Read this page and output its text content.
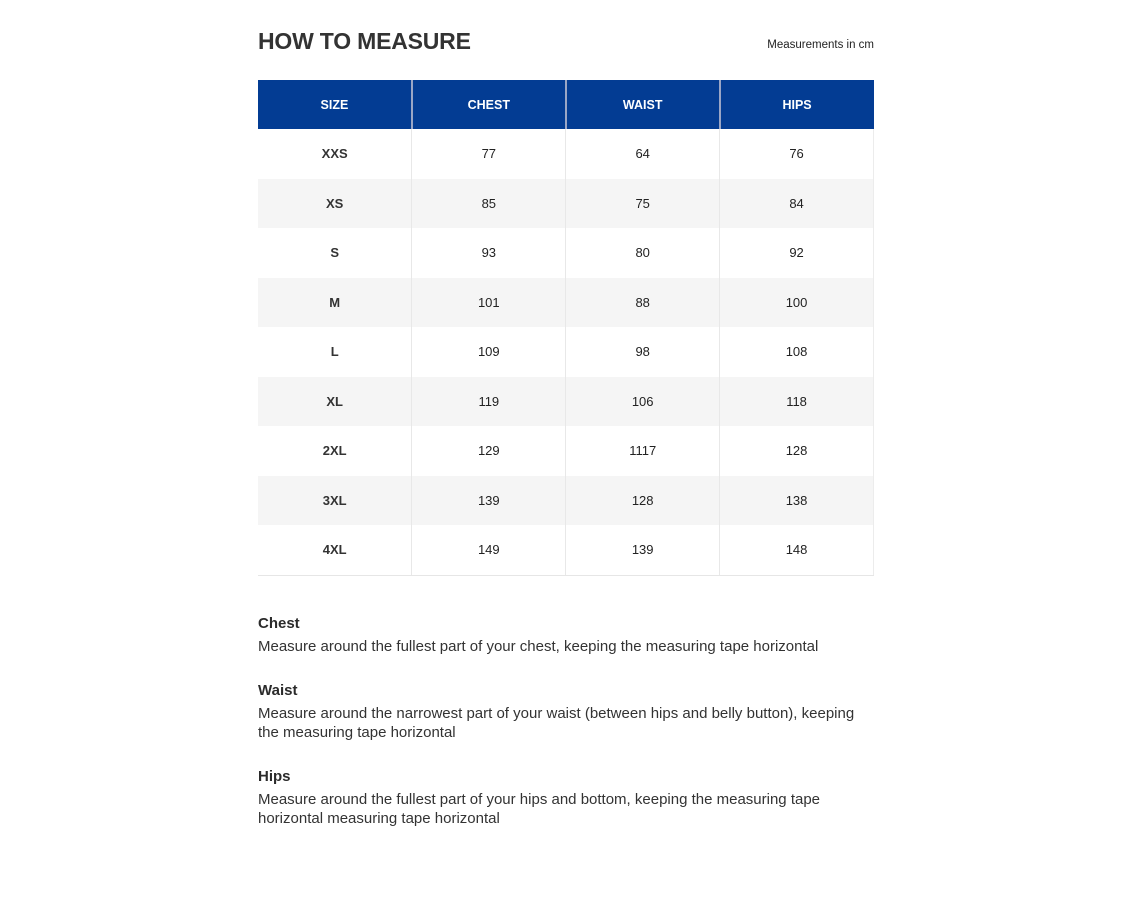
HOW TO MEASURE	Measurements in cm
SIZE	CHEST	WAIST	HIPS
XXS	77	64	76
XS	85	75	84
S	93	80	92
M	101	88	100
L	109	98	108
XL	119	106	118
2XL	129	1117	128
3XL	139	128	138
4XL	149	139	148
Chest

Measure around the fullest part of your chest, keeping the measuring tape horizontal

Waist

Measure around the narrowest part of your waist (between hips and belly button), keeping the measuring tape horizontal

Hips

Measure around the fullest part of your hips and bottom, keeping the measuring tape horizontal measuring tape horizontal
